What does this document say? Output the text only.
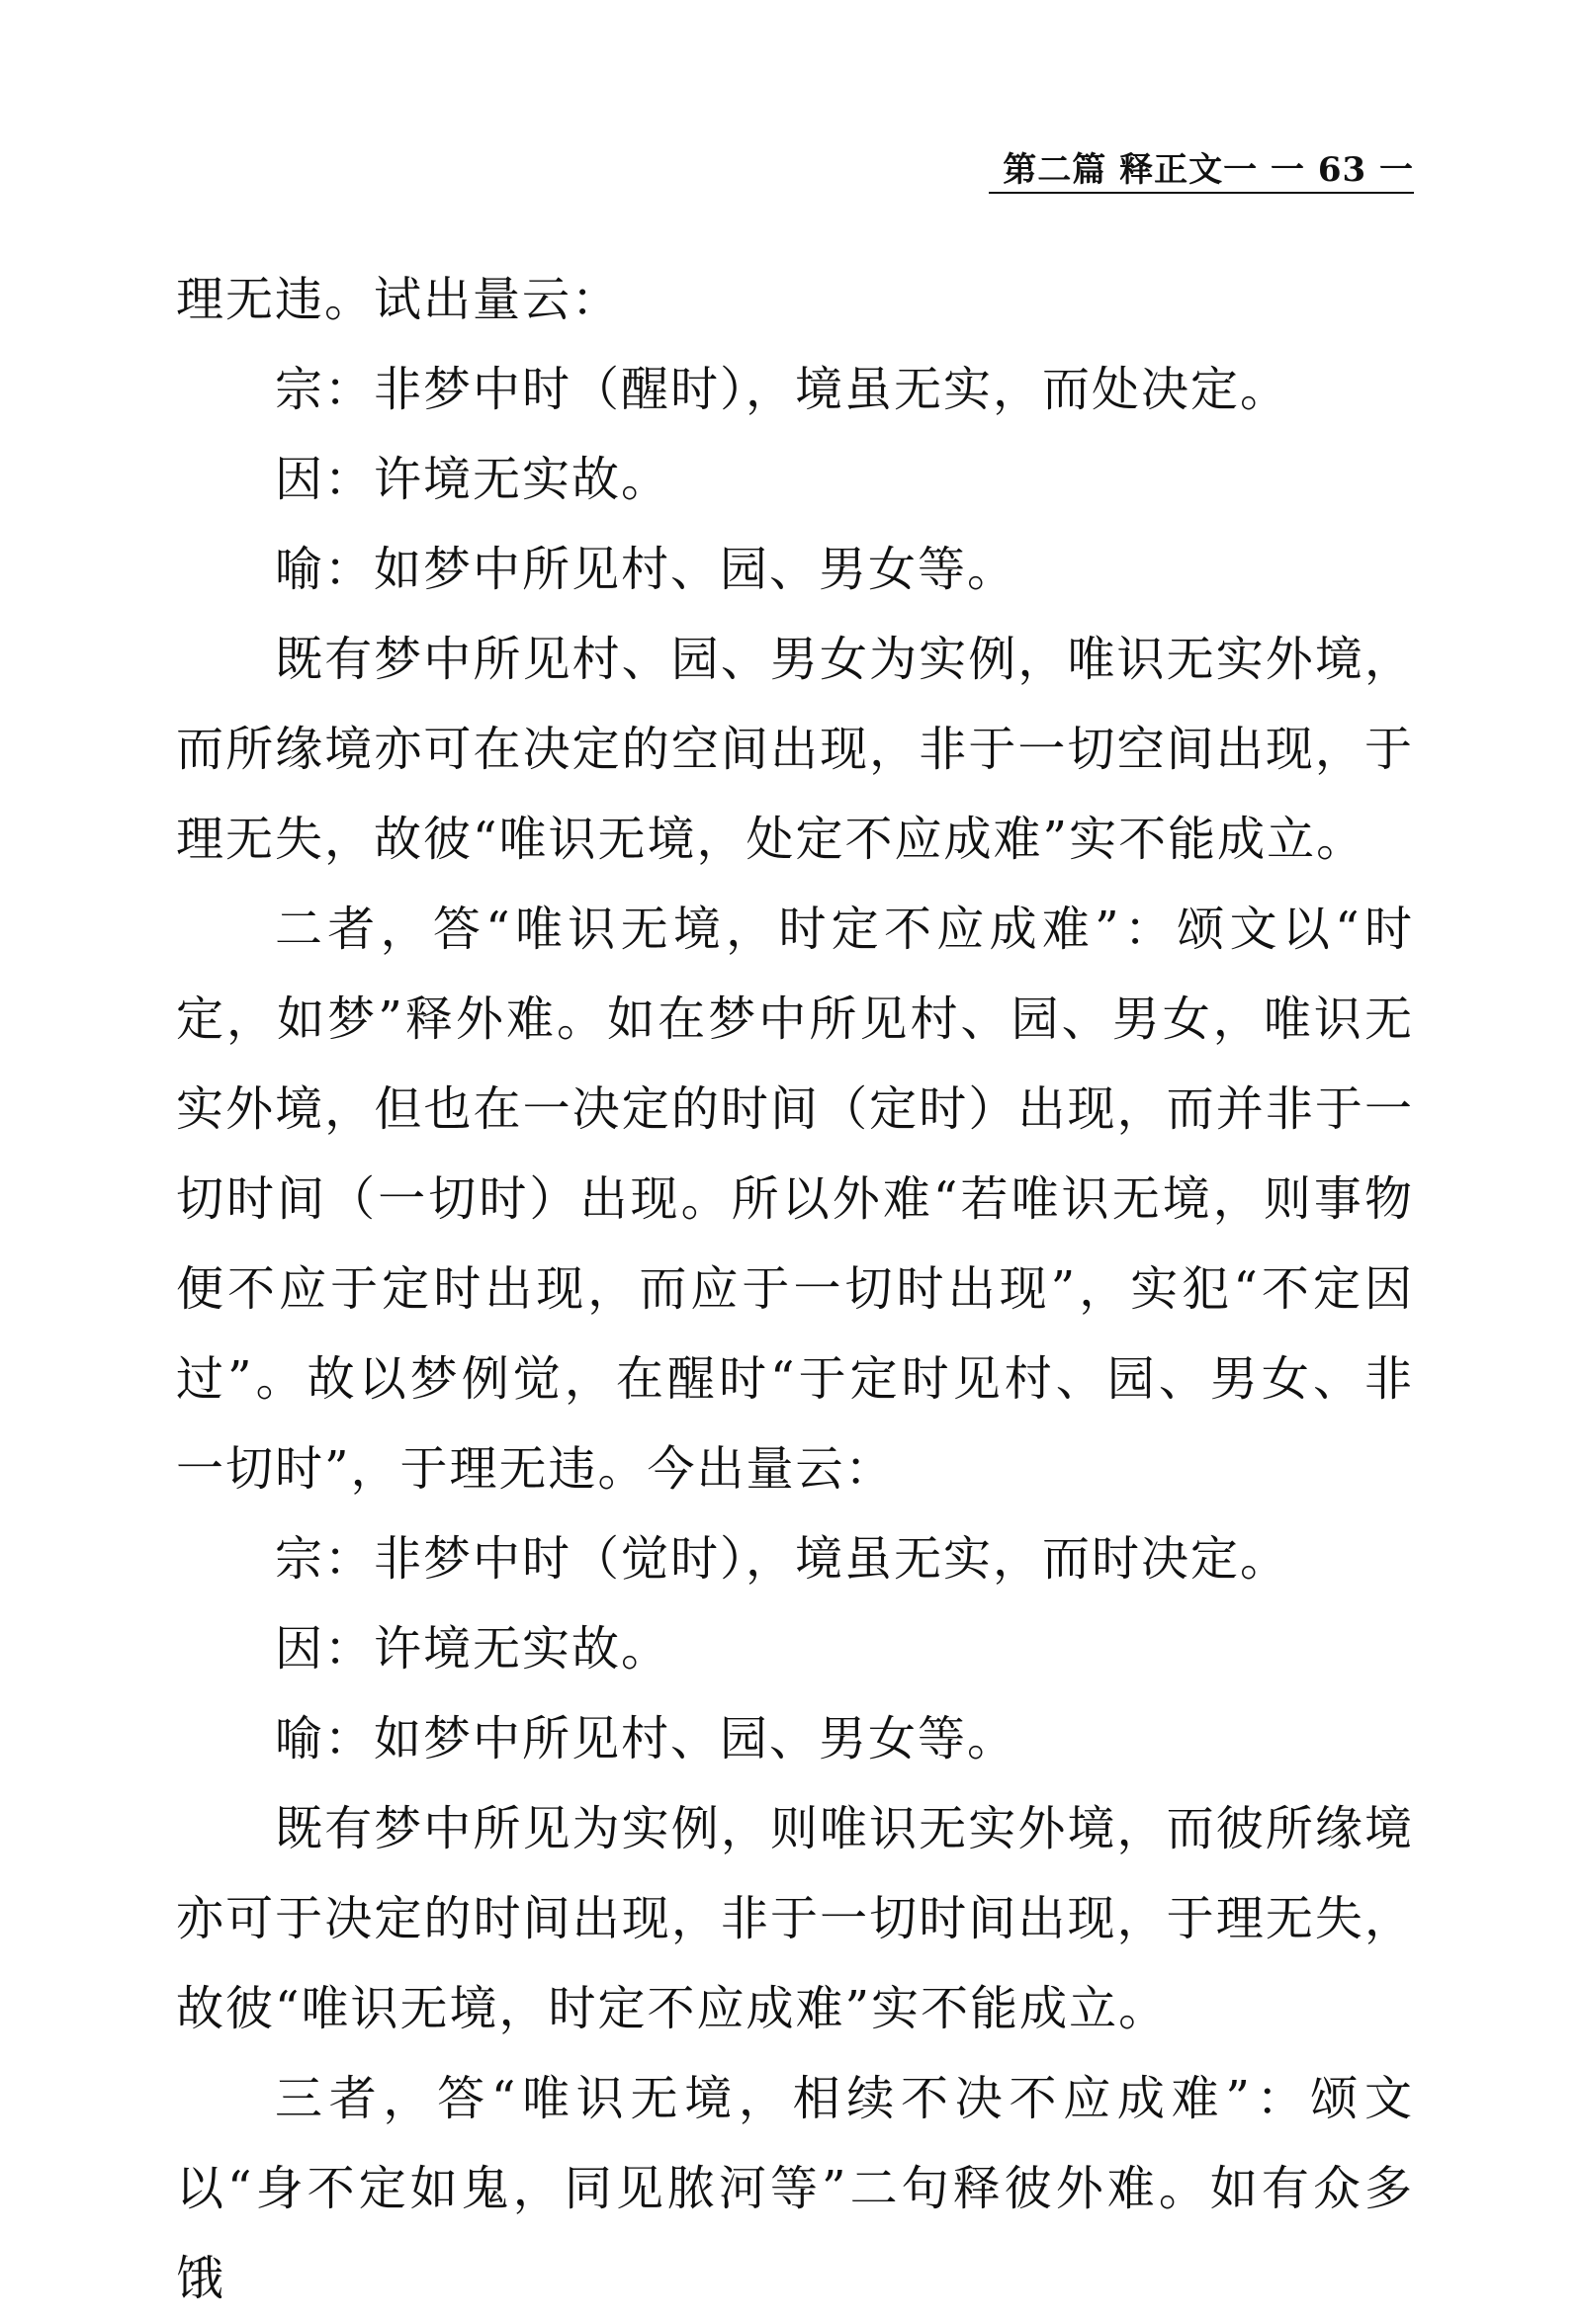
第二篇 释正文一 一 63 一

理无违。试出量云：

宗：非梦中时（醒时），境虽无实，而处决定。

因：许境无实故。

喻：如梦中所见村、园、男女等。

既有梦中所见村、园、男女为实例，唯识无实外境，而所缘境亦可在决定的空间出现，非于一切空间出现，于理无失，故彼“唯识无境，处定不应成难”实不能成立。

二者，答“唯识无境，时定不应成难”：颂文以“时定，如梦”释外难。如在梦中所见村、园、男女，唯识无实外境，但也在一决定的时间（定时）出现，而并非于一切时间（一切时）出现。所以外难“若唯识无境，则事物便不应于定时出现，而应于一切时出现”，实犯“不定因过”。故以梦例觉，在醒时“于定时见村、园、男女、非一切时”，于理无违。今出量云：

宗：非梦中时（觉时），境虽无实，而时决定。

因：许境无实故。

喻：如梦中所见村、园、男女等。

既有梦中所见为实例，则唯识无实外境，而彼所缘境亦可于决定的时间出现，非于一切时间出现，于理无失，故彼“唯识无境，时定不应成难”实不能成立。

三者，答“唯识无境，相续不决不应成难”：颂文以“身不定如鬼，同见脓河等”二句释彼外难。如有众多饿
